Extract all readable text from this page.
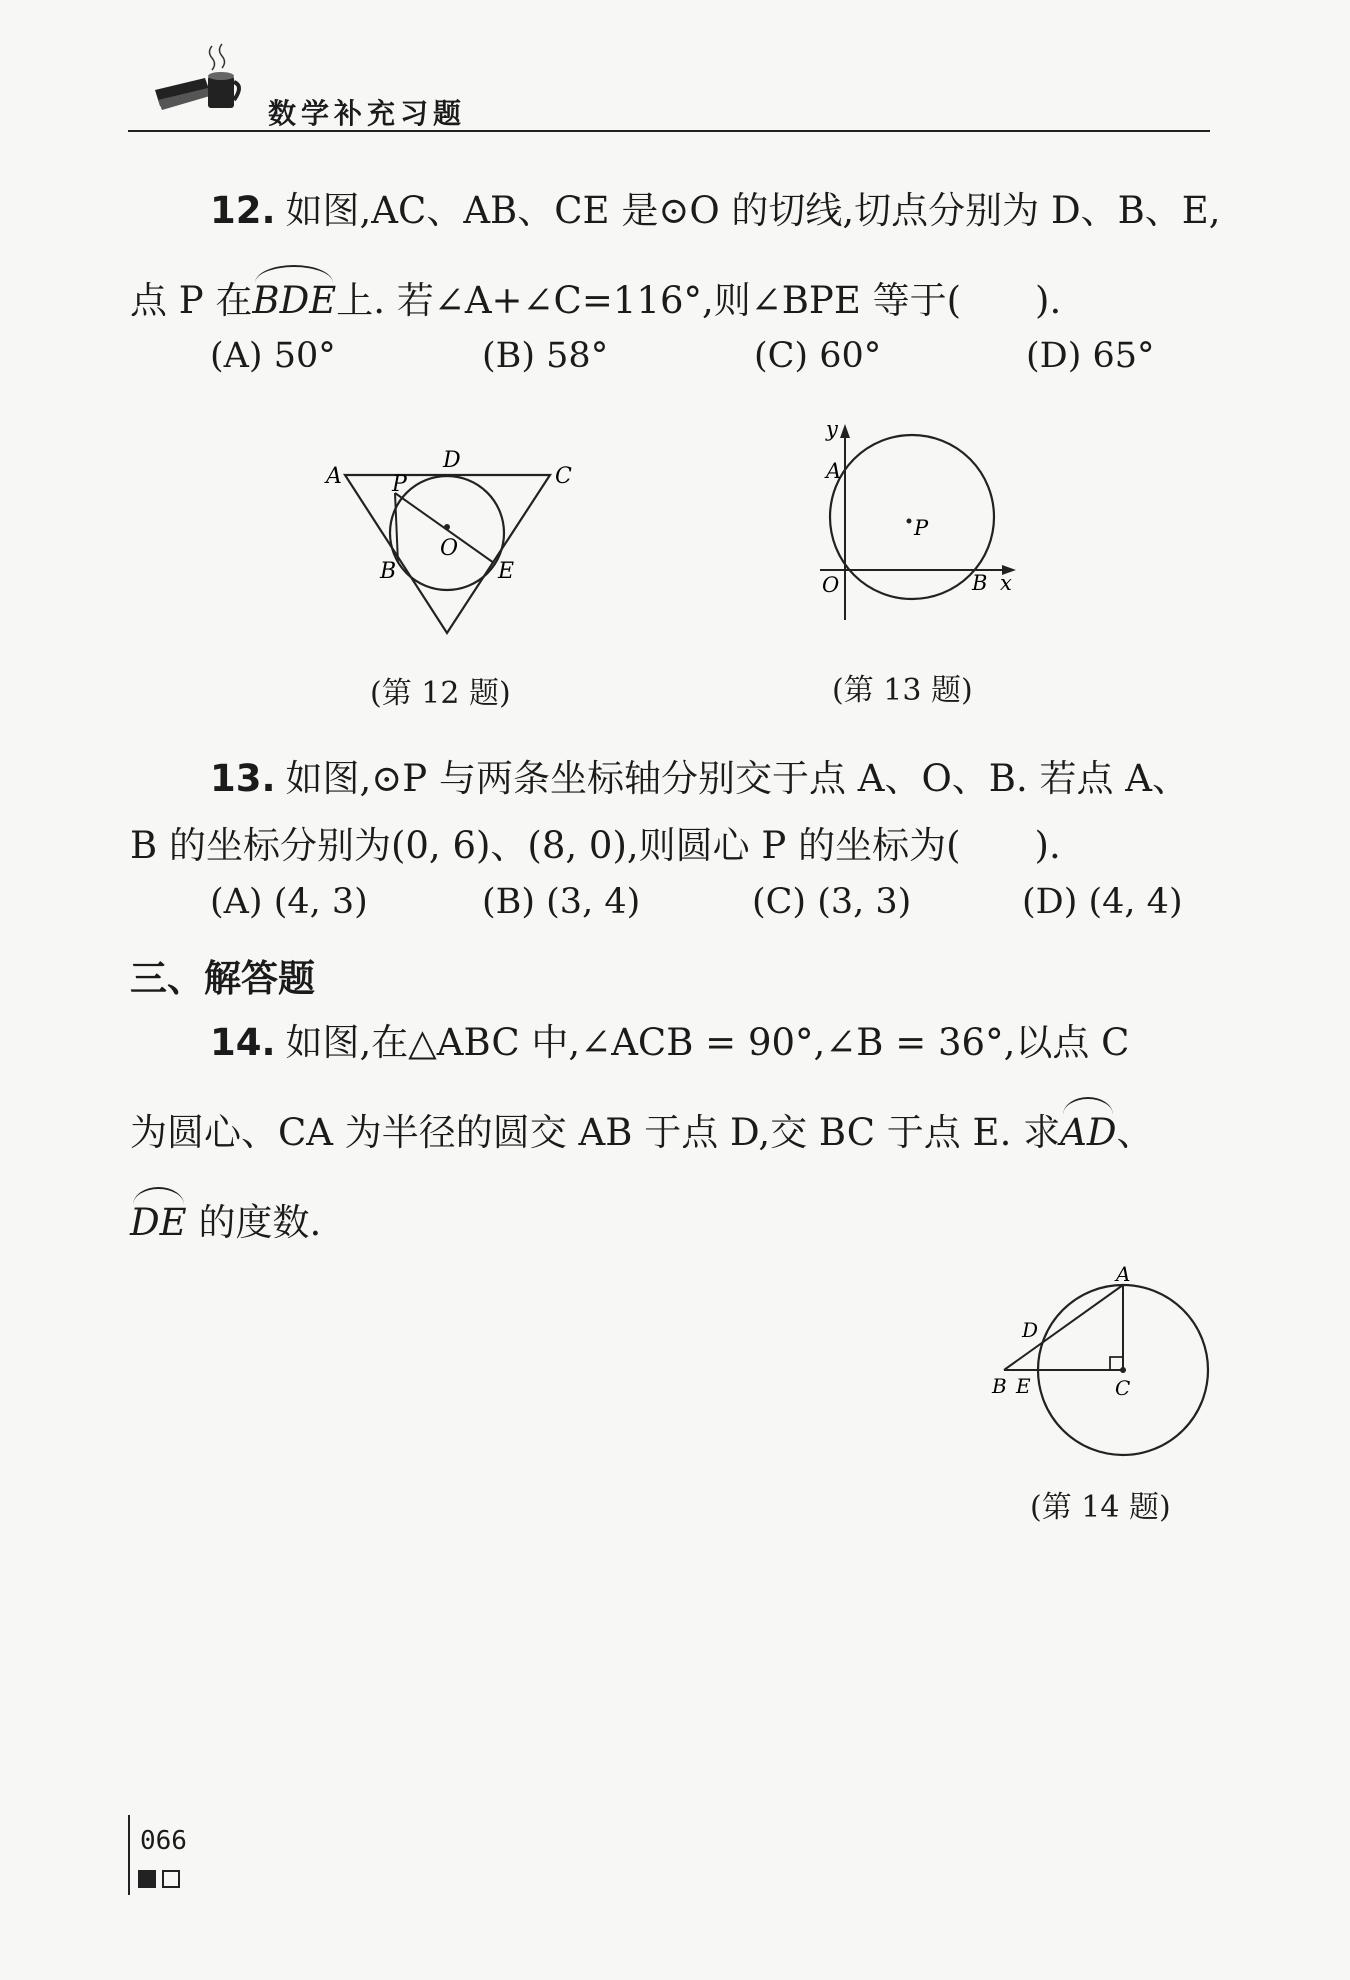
数学补充习题
12. 如图,AC、AB、CE 是⊙O 的切线,切点分别为 D、B、E,
点 P 在BDE上. 若∠A+∠C=116°,则∠BPE 等于(　　).
(A) 50°	(B) 58°	(C) 60°	(D) 65°
A
D
C
P
O
B	E
(第 12 题)
y
A
P
O	B x
(第 13 题)
13. 如图,⊙P 与两条坐标轴分别交于点 A、O、B. 若点 A、
B 的坐标分别为(0, 6)、(8, 0),则圆心 P 的坐标为(　　).
(A) (4, 3)	(B) (3, 4)	(C) (3, 3)	(D) (4, 4)
三、解答题
14. 如图,在△ABC 中,∠ACB = 90°,∠B = 36°,以点 C
为圆心、CA 为半径的圆交 AB 于点 D,交 BC 于点 E. 求AD、
DE 的度数.
A
D
B E	C
(第 14 题)
066
